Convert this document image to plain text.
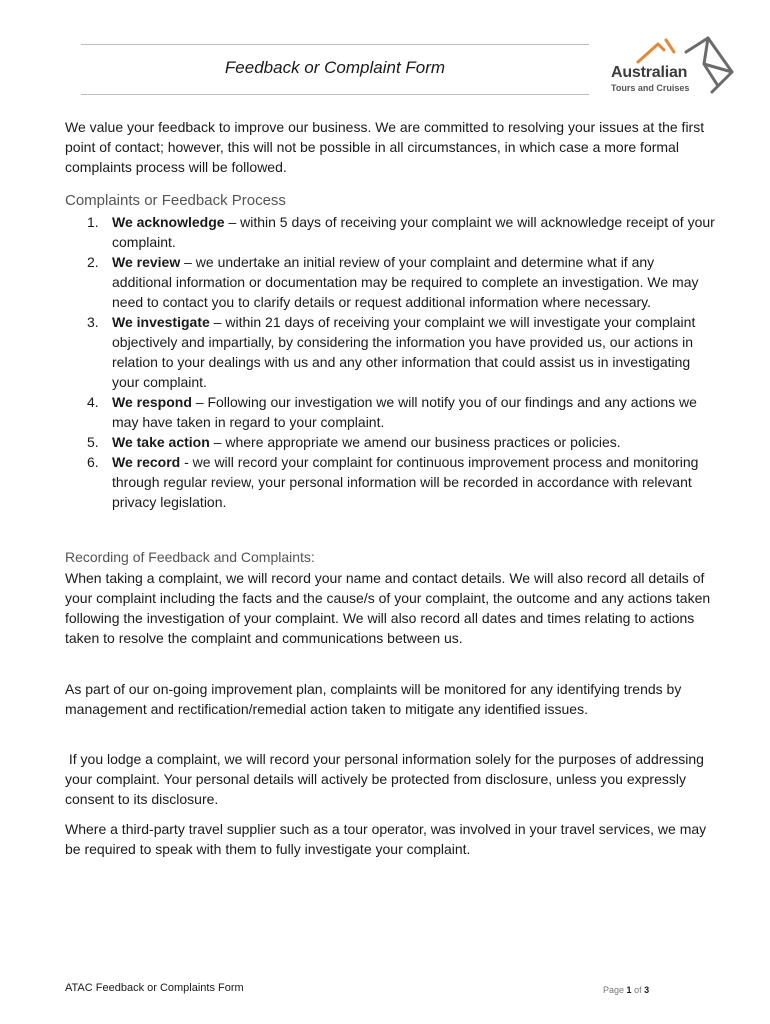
Feedback or Complaint Form	Australian
Tours and Cruises
We value your feedback to improve our business. We are committed to resolving your issues at the first point of contact; however, this will not be possible in all circumstances, in which case a more formal complaints process will be followed.
Complaints or Feedback Process
1. We acknowledge – within 5 days of receiving your complaint we will acknowledge receipt of your complaint.
2. We review – we undertake an initial review of your complaint and determine what if any additional information or documentation may be required to complete an investigation. We may need to contact you to clarify details or request additional information where necessary.
3. We investigate – within 21 days of receiving your complaint we will investigate your complaint objectively and impartially, by considering the information you have provided us, our actions in relation to your dealings with us and any other information that could assist us in investigating your complaint.
4. We respond – Following our investigation we will notify you of our findings and any actions we may have taken in regard to your complaint.
5. We take action – where appropriate we amend our business practices or policies.
6. We record - we will record your complaint for continuous improvement process and monitoring through regular review, your personal information will be recorded in accordance with relevant privacy legislation.
Recording of Feedback and Complaints:
When taking a complaint, we will record your name and contact details. We will also record all details of your complaint including the facts and the cause/s of your complaint, the outcome and any actions taken following the investigation of your complaint. We will also record all dates and times relating to actions taken to resolve the complaint and communications between us.
As part of our on-going improvement plan, complaints will be monitored for any identifying trends by management and rectification/remedial action taken to mitigate any identified issues.
If you lodge a complaint, we will record your personal information solely for the purposes of addressing your complaint. Your personal details will actively be protected from disclosure, unless you expressly consent to its disclosure.
Where a third-party travel supplier such as a tour operator, was involved in your travel services, we may be required to speak with them to fully investigate your complaint.
ATAC Feedback or Complaints Form	Page 1 of 3
